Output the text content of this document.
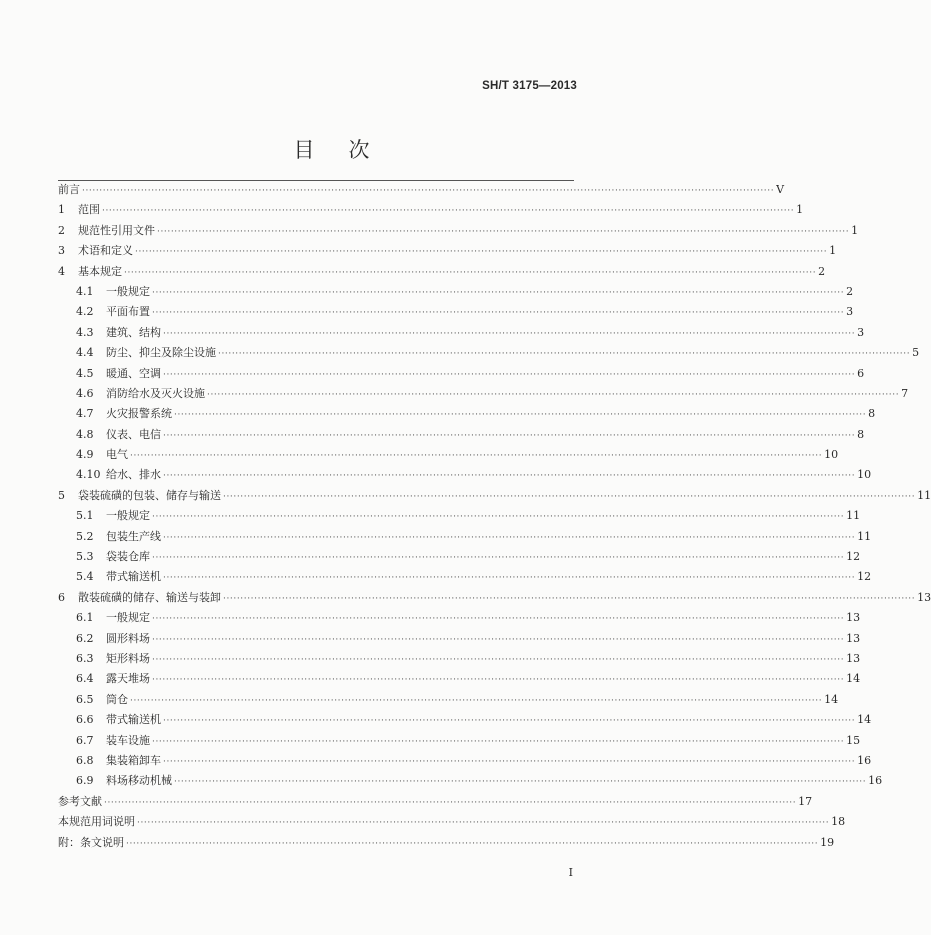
SH/T 3175—2013
目次
前言 ········································································································································································································ V
1	范围 ········································································································································································································ 1
2	规范性引用文件 ········································································································································································································ 1
3	术语和定义 ········································································································································································································ 1
4	基本规定 ········································································································································································································ 2
4.1	一般规定 ········································································································································································································ 2
4.2	平面布置 ········································································································································································································ 3
4.3	建筑、结构 ········································································································································································································ 3
4.4	防尘、抑尘及除尘设施 ········································································································································································································ 5
4.5	暖通、空调 ········································································································································································································ 6
4.6	消防给水及灭火设施 ········································································································································································································ 7
4.7	火灾报警系统 ········································································································································································································ 8
4.8	仪表、电信 ········································································································································································································ 8
4.9	电气 ········································································································································································································ 10
4.10 给水、排水 ········································································································································································································ 10
5	袋装硫磺的包装、储存与输送 ········································································································································································································ 11
5.1	一般规定 ········································································································································································································ 11
5.2	包装生产线 ········································································································································································································ 11
5.3	袋装仓库 ········································································································································································································ 12
5.4	带式输送机 ········································································································································································································ 12
6	散装硫磺的储存、输送与装卸 ········································································································································································································ 13
6.1	一般规定 ········································································································································································································ 13
6.2	圆形料场 ········································································································································································································ 13
6.3	矩形料场 ········································································································································································································ 13
6.4	露天堆场 ········································································································································································································ 14
6.5	筒仓 ········································································································································································································ 14
6.6	带式输送机 ········································································································································································································ 14
6.7	装车设施 ········································································································································································································ 15
6.8	集装箱卸车 ········································································································································································································ 16
6.9	料场移动机械 ········································································································································································································ 16
参考文献 ········································································································································································································ 17
本规范用词说明 ········································································································································································································ 18
附：条文说明 ········································································································································································································ 19
I
